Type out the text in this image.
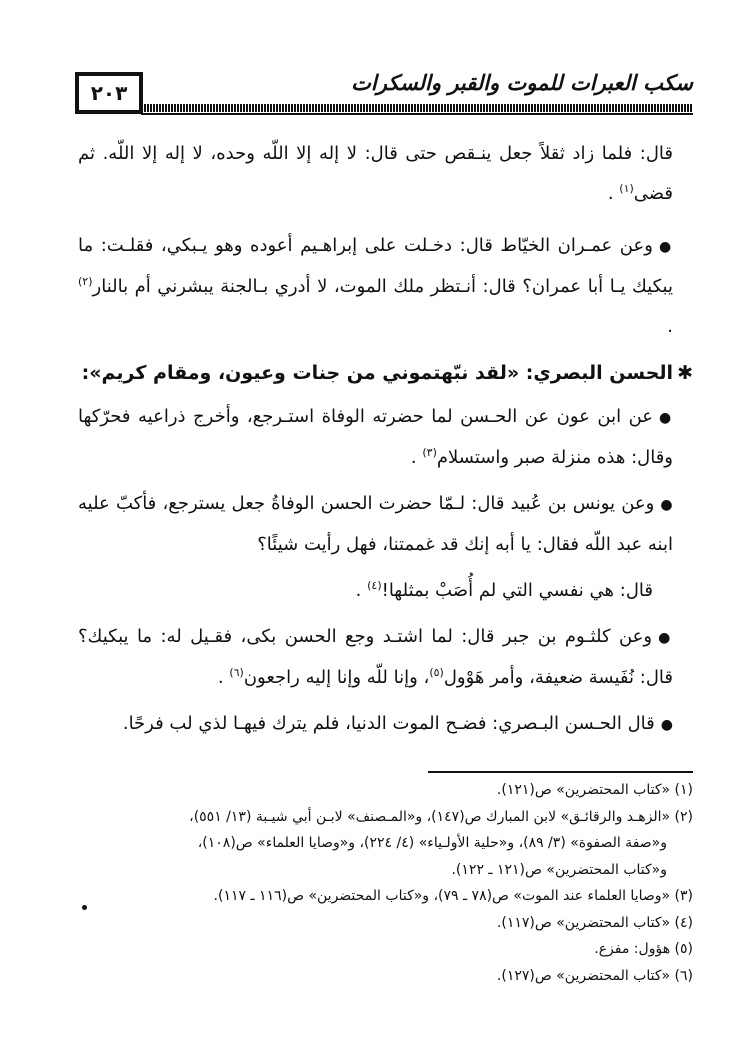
٢٠٣	سكب العبرات للموت والقبر والسكرات

قال: فلما زاد ثقلاً جعل ينـقص حتى قال: لا إله إلا اللّه وحده، لا إله إلا اللّه. ثم قضى$^{(١)}$ .

●وعن عمـران الخيّاط قال: دخـلت على إبراهـيم أعوده وهو يـبكي، فقلـت: ما يبكيك يـا أبا عمران؟ قال: أنـتظر ملك الموت، لا أدري بـالجنة يبشرني أم بالنار$^{(٢)}$ .

✱الحسن البصري: «لقد نبّهتموني من جنات وعيون، ومقام كريم»:

●عن ابن عون عن الحـسن لما حضرته الوفاة استـرجع، وأخرج ذراعيه فحرّكها وقال: هذه منزلة صبر واستسلام$^{(٣)}$ .

●وعن يونس بن عُبيد قال: لـمّا حضرت الحسن الوفاةُ جعل يسترجع، فأكبّ عليه ابنه عبد اللّه فقال: يا أبه إنك قد غممتنا، فهل رأيت شيئًا؟

قال: هي نفسي التي لم أُصَبْ بمثلها!$^{(٤)}$ .

●وعن كلثـوم بن جبر قال: لما اشتـد وجع الحسن بكى، فقـيل له: ما يبكيك؟ قال: نُفَيسة ضعيفة، وأمر هَوْول$^{(٥)}$، وإنا للّه وإنا إليه راجعون$^{(٦)}$ .

●قال الحـسن البـصري: فضـح الموت الدنيا، فلم يترك فيهـا لذي لب فرحًا.

(١) «كتاب المحتضرين» ص(١٢١).

(٢) «الزهـد والرقائـق» لابن المبارك ص(١٤٧)، و«المـصنف» لابـن أبي شيـبة (١٣/ ٥٥١)،
و«صفة الصفوة» (٣/ ٨٩)، و«حلية الأولـياء» (٤/ ٢٢٤)، و«وصايا العلماء» ص(١٠٨)،
و«كتاب المحتضرين» ص(١٢١ ـ ١٢٢).

(٣) «وصايا العلماء عند الموت» ص(٧٨ ـ ٧٩)، و«كتاب المحتضرين» ص(١١٦ ـ ١١٧).

(٤) «كتاب المحتضرين» ص(١١٧).

(٥) هؤول: مفزع.

(٦) «كتاب المحتضرين» ص(١٢٧).
